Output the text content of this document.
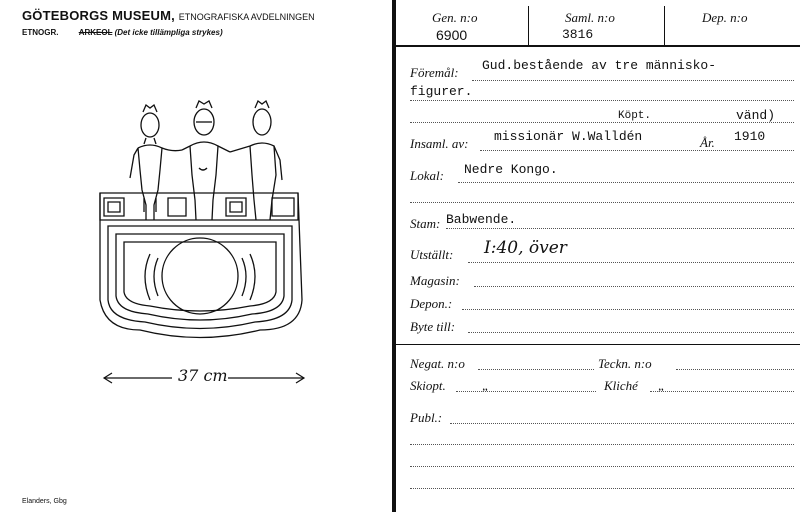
GÖTEBORGS MUSEUM, ETNOGRAFISKA AVDELNINGEN
ETNOGR.	ARKEOL (Det icke tillämpliga strykes)
37 cm
Elanders, Gbg
Gen. n:o
6900
Saml. n:o
3816
Dep. n:o
Föremål: Gud.bestående av tre människo-
figurer.
Köpt.	vänd)
Insaml. av: missionär W.Walldén	År. 1910
Lokal: Nedre Kongo.
Stam: Babwende.
Utställt: I:40, över
Magasin:
Depon.:
Byte till:
Negat. n:o	Teckn. n:o
Skiopt.	„	Kliché „
Publ.:
